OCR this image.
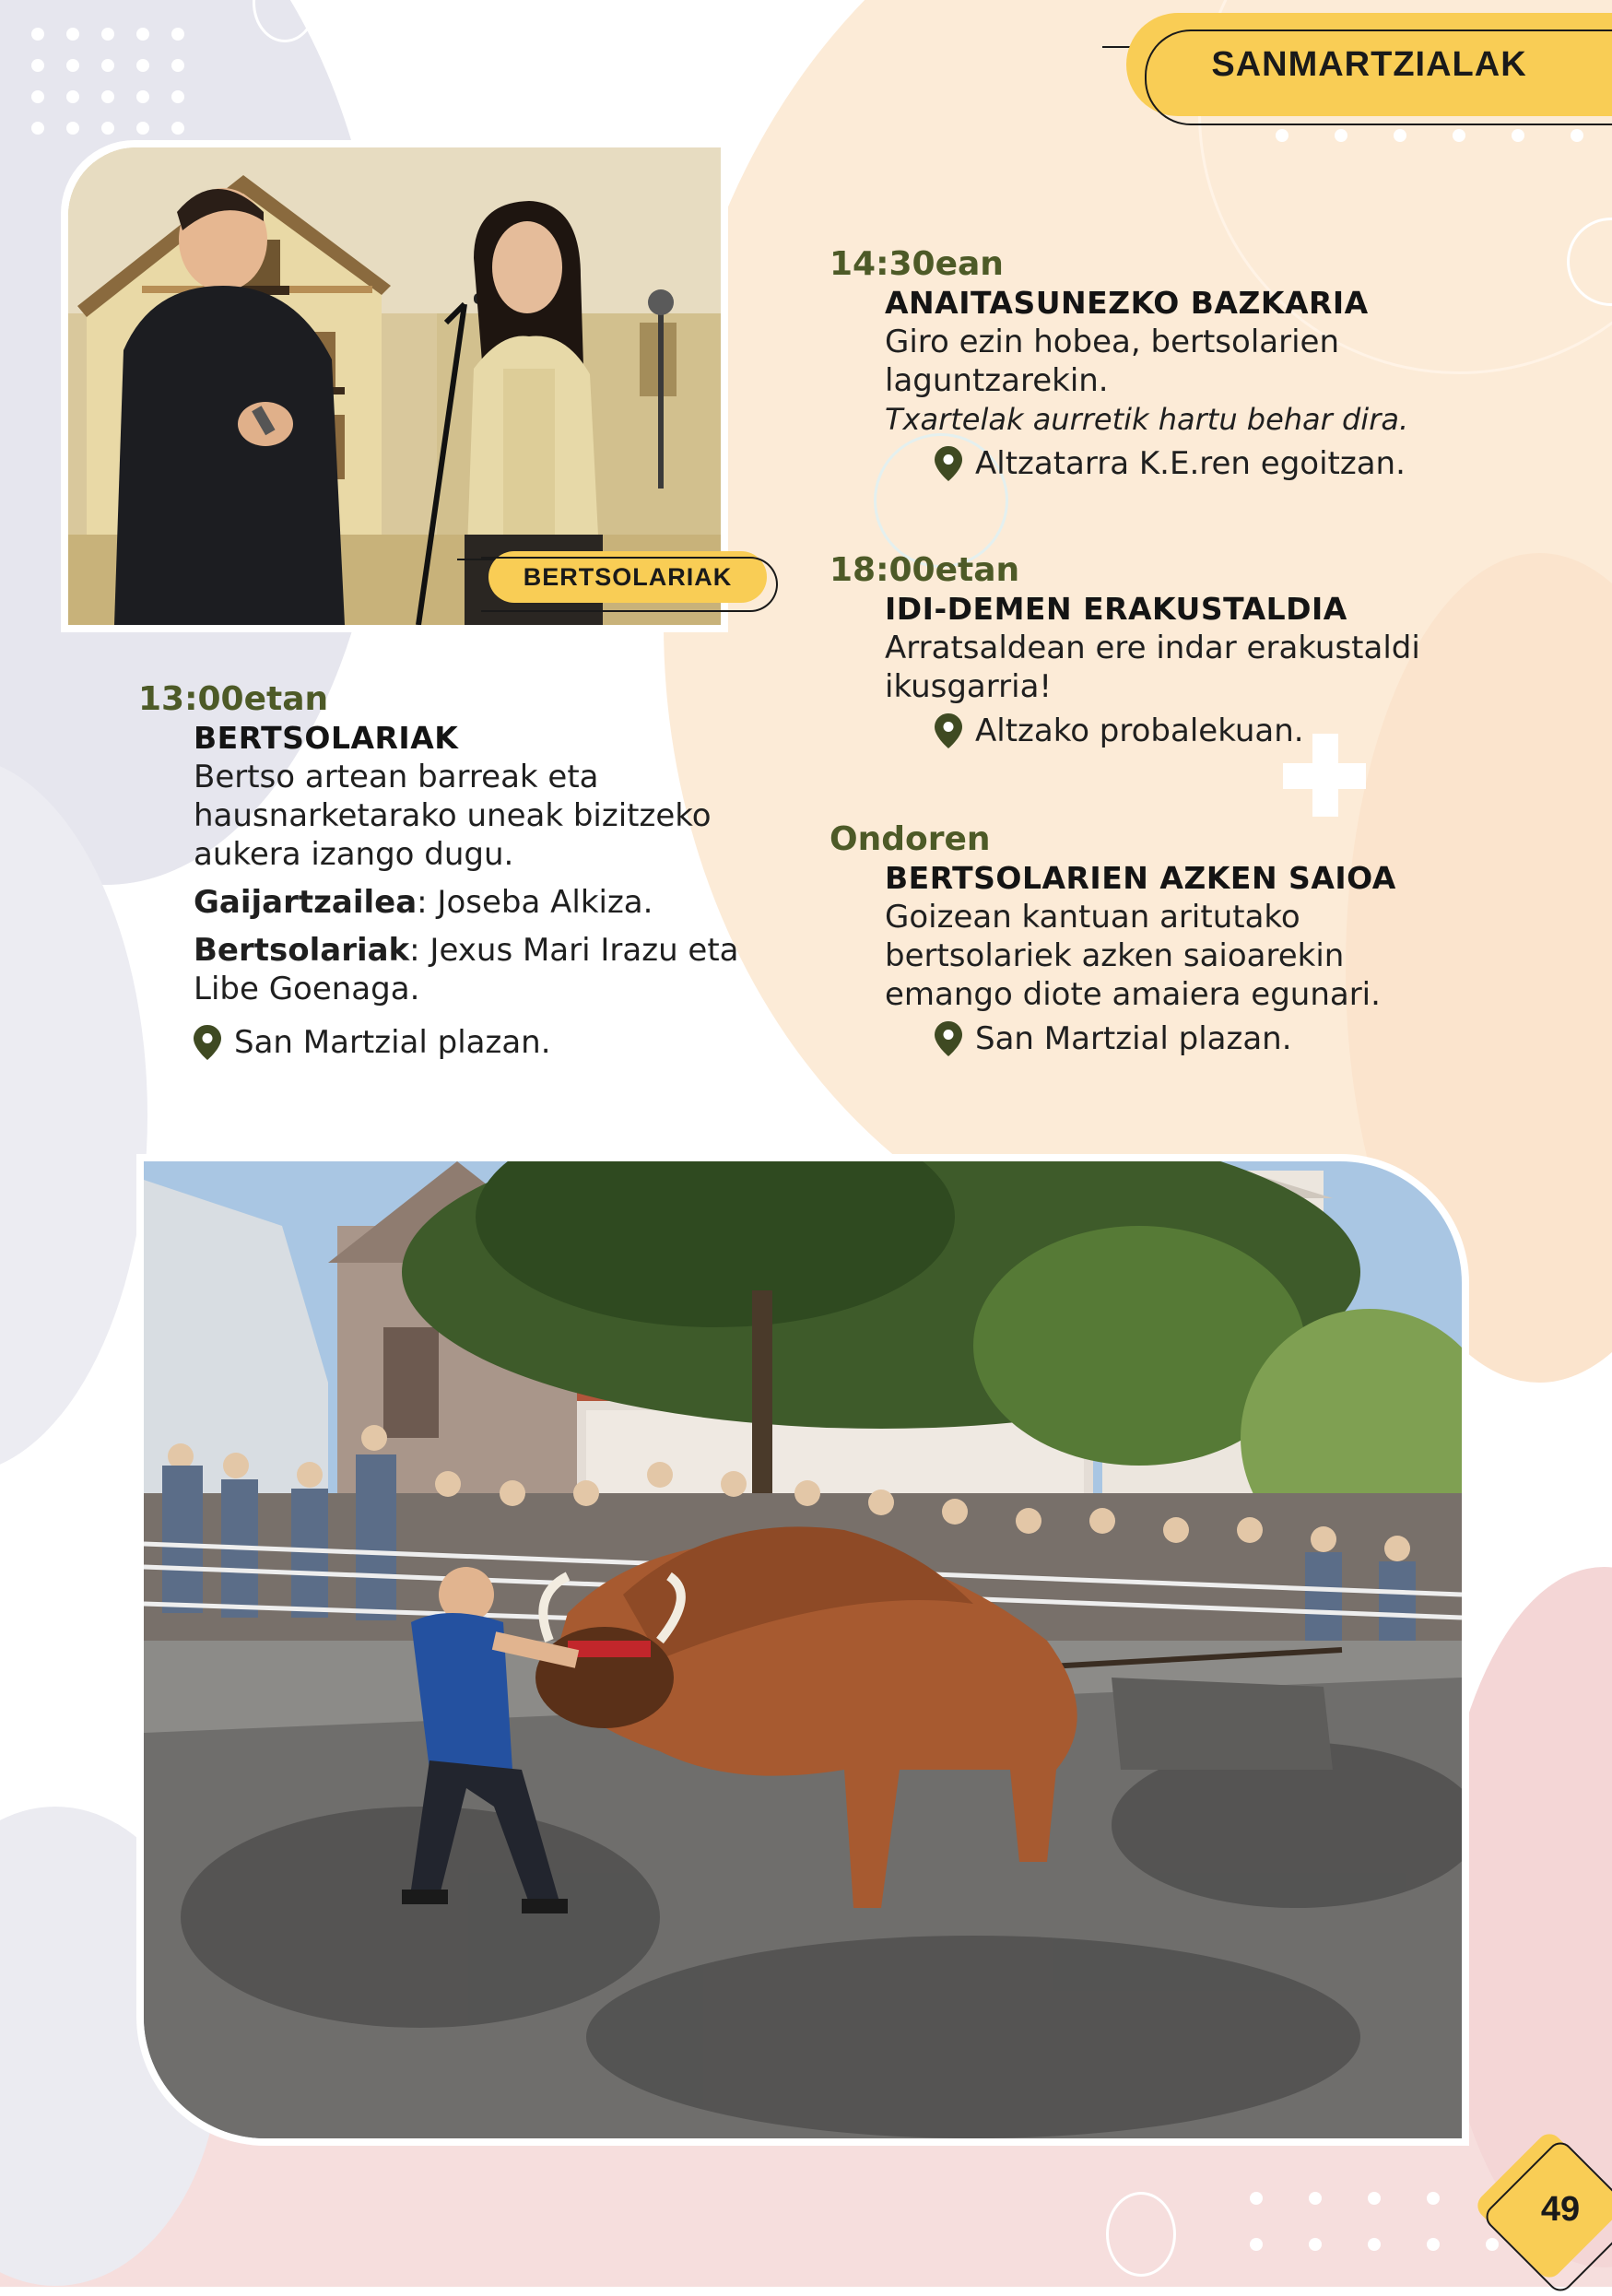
SANMARTZIALAK
BERTSOLARIAK

13:00etan

BERTSOLARIAK

Bertso artean barreak eta

hausnarketarako uneak bizitzeko

aukera izango dugu.

Gaijartzailea: Joseba Alkiza.

Bertsolariak: Jexus Mari Irazu eta

Libe Goenaga.

San Martzial plazan.

14:30ean

ANAITASUNEZKO BAZKARIA

Giro ezin hobea, bertsolarien

laguntzarekin.

Txartelak aurretik hartu behar dira.

Altzatarra K.E.ren egoitzan.

18:00etan

IDI-DEMEN ERAKUSTALDIA

Arratsaldean ere indar erakustaldi

ikusgarria!

Altzako probalekuan.

Ondoren

BERTSOLARIEN AZKEN SAIOA

Goizean kantuan aritutako

bertsolariek azken saioarekin

emango diote amaiera egunari.

San Martzial plazan.
49
